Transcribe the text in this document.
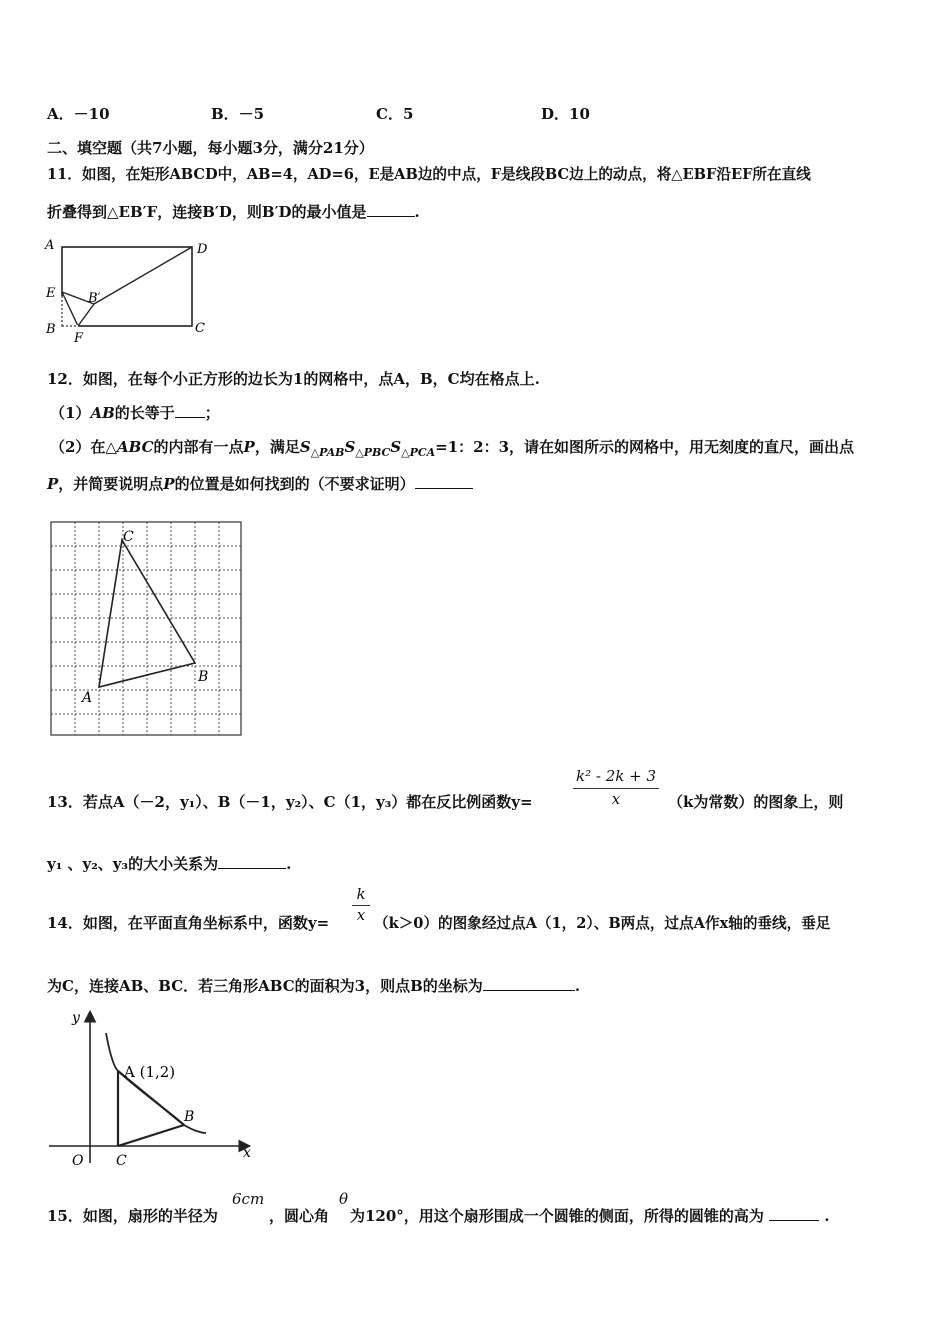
A．－10	B．－5	C．5	D．10
二、填空题（共7小题，每小题3分，满分21分）
11．如图，在矩形ABCD中，AB=4，AD=6，E是AB边的中点，F是线段BC边上的动点，将△EBF沿EF所在直线
折叠得到△EB′F，连接B′D，则B′D的最小值是	.
A	D
E	B′
B	C
F
12．如图，在每个小正方形的边长为1的网格中，点A，B，C均在格点上.
（1）AB的长等于 ；
（2）在△ABC的内部有一点P，满足$S_{\triangle PAB}S_{\triangle PBC}S_{\triangle PCA}=1$：2：3，请在如图所示的网格中，用无刻度的直尺，画出点
P，并简要说明点P的位置是如何找到的（不要求证明）
C
B
A
$\frac{\text{k² - 2k + 3}}{x}$
13．若点A（－2，y₁）、B（－1，y₂）、C（1，y₃）都在反比例函数y=	（k为常数）的图象上，则
y₁ 、y₂、y₃的大小关系为	.
$\frac{k}{x}$
14．如图，在平面直角坐标系中，函数y=	（k＞0）的图象经过点A（1，2）、B两点，过点A作x轴的垂线，垂足
为C，连接AB、BC．若三角形ABC的面积为3，则点B的坐标为	.
y
x
A (1,2)
B
O C
6cm	θ
15．如图，扇形的半径为	，圆心角 为120°，用这个扇形围成一个圆锥的侧面，所得的圆锥的高为	.
